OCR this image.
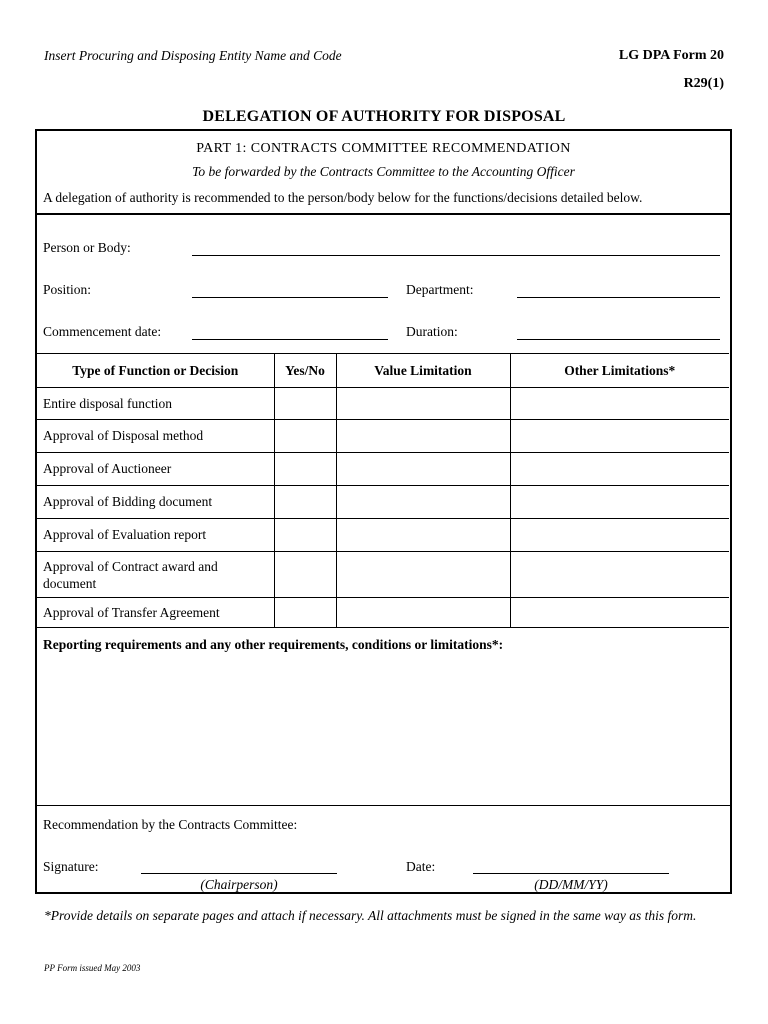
Insert Procuring and Disposing Entity Name and Code	LG DPA Form 20
R29(1)
DELEGATION OF AUTHORITY FOR DISPOSAL
PART 1: CONTRACTS COMMITTEE RECOMMENDATION
To be forwarded by the Contracts Committee to the Accounting Officer
A delegation of authority is recommended to the person/body below for the functions/decisions detailed below.
Person or Body:
Position:	Department:
Commencement date:	Duration:
Type of Function or Decision	Yes/No	Value Limitation	Other Limitations*
Entire disposal function			
Approval of Disposal method			
Approval of Auctioneer			
Approval of Bidding document			
Approval of Evaluation report			
Approval of Contract award and document			
Approval of Transfer Agreement			
Reporting requirements and any other requirements, conditions or limitations*:
Recommendation by the Contracts Committee:
Signature:
(Chairperson)
Date:
(DD/MM/YY)
*Provide details on separate pages and attach if necessary. All attachments must be signed in the same way as this form.
PP Form issued May 2003
